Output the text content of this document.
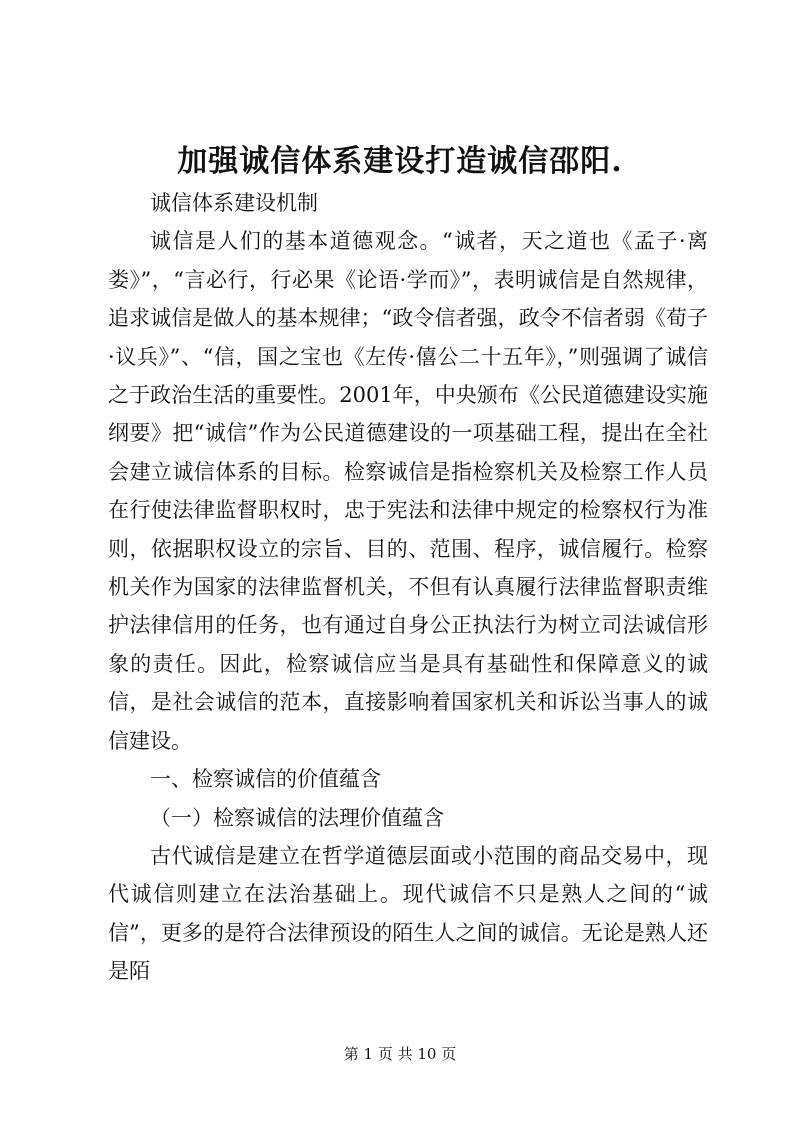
加强诚信体系建设打造诚信邵阳.

诚信体系建设机制

诚信是人们的基本道德观念。“诚者，天之道也《孟子·离娄》”，“言必行，行必果《论语·学而》”，表明诚信是自然规律，追求诚信是做人的基本规律；“政令信者强，政令不信者弱《荀子·议兵》”、“信，国之宝也《左传·僖公二十五年》，”则强调了诚信之于政治生活的重要性。2001年，中央颁布《公民道德建设实施纲要》把“诚信”作为公民道德建设的一项基础工程，提出在全社会建立诚信体系的目标。检察诚信是指检察机关及检察工作人员在行使法律监督职权时，忠于宪法和法律中规定的检察权行为准则，依据职权设立的宗旨、目的、范围、程序，诚信履行。检察机关作为国家的法律监督机关，不但有认真履行法律监督职责维护法律信用的任务，也有通过自身公正执法行为树立司法诚信形象的责任。因此，检察诚信应当是具有基础性和保障意义的诚信，是社会诚信的范本，直接影响着国家机关和诉讼当事人的诚信建设。

一、检察诚信的价值蕴含

（一）检察诚信的法理价值蕴含

古代诚信是建立在哲学道德层面或小范围的商品交易中，现代诚信则建立在法治基础上。现代诚信不只是熟人之间的“诚信”，更多的是符合法律预设的陌生人之间的诚信。无论是熟人还是陌

第 1 页 共 10 页
